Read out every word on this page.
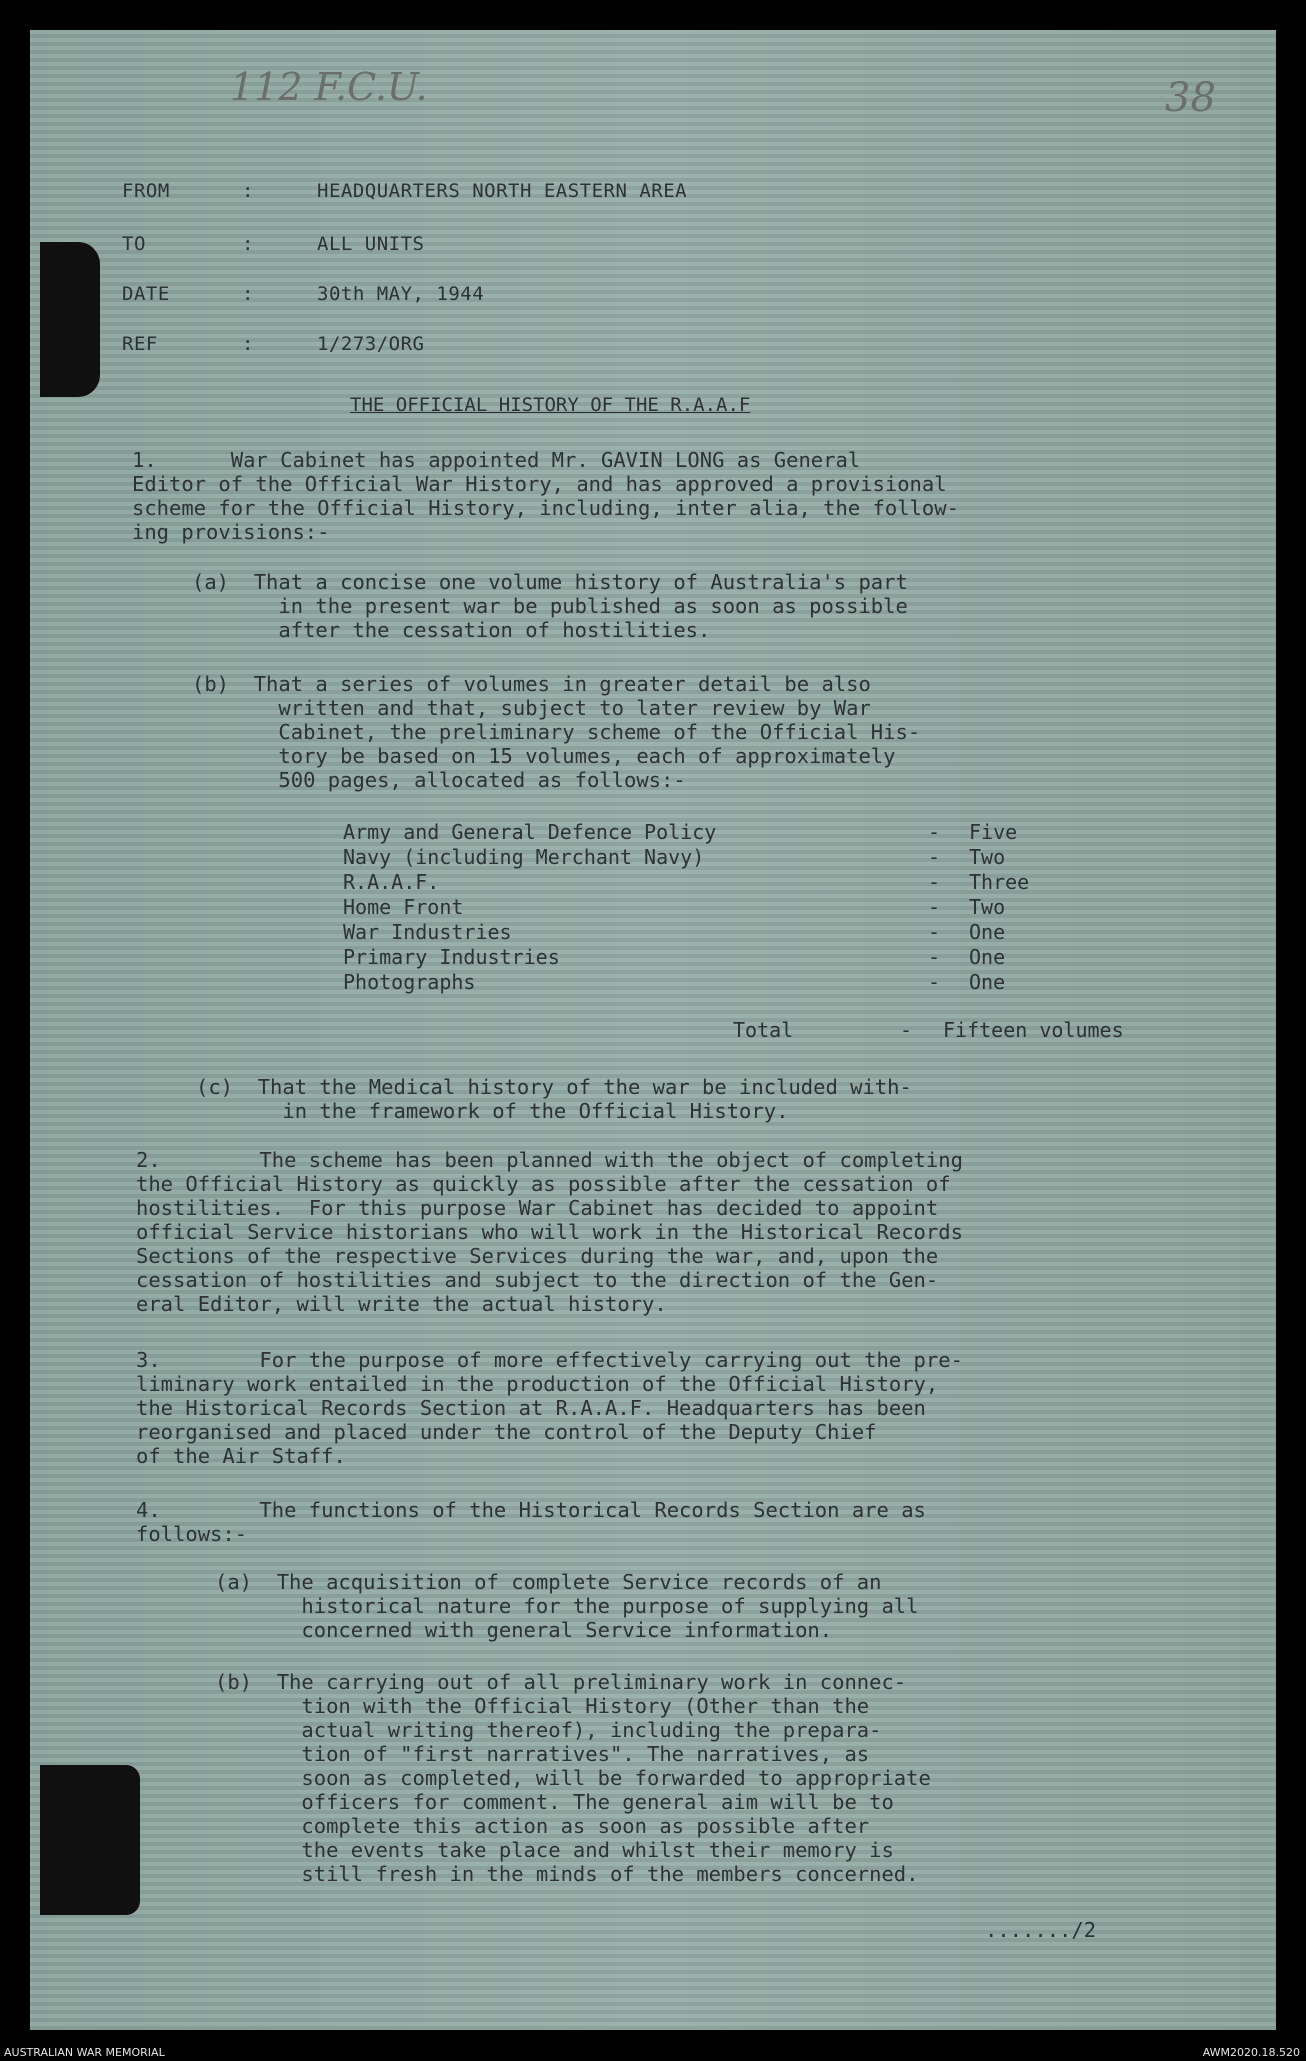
112 F.C.U.	38
FROM	:	HEADQUARTERS NORTH EASTERN AREA
TO	:	ALL UNITS
DATE	:	30th MAY, 1944
REF	:	1/273/ORG
THE OFFICIAL HISTORY OF THE R.A.A.F
1.      War Cabinet has appointed Mr. GAVIN LONG as General
Editor of the Official War History, and has approved a provisional
scheme for the Official History, including, inter alia, the follow-
ing provisions:-
(a)  That a concise one volume history of Australia's part
in the present war be published as soon as possible
after the cessation of hostilities.
(b)  That a series of volumes in greater detail be also
written and that, subject to later review by War
Cabinet, the preliminary scheme of the Official His-
tory be based on 15 volumes, each of approximately
500 pages, allocated as follows:-
Army and General Defence Policy	- Five
Navy (including Merchant Navy)	- Two
R.A.A.F.	- Three
Home Front	- Two
War Industries	- One
Primary Industries	- One
Photographs	- One
Total	- Fifteen volumes
(c)  That the Medical history of the war be included with-
in the framework of the Official History.
2.        The scheme has been planned with the object of completing
the Official History as quickly as possible after the cessation of
hostilities.  For this purpose War Cabinet has decided to appoint
official Service historians who will work in the Historical Records
Sections of the respective Services during the war, and, upon the
cessation of hostilities and subject to the direction of the Gen-
eral Editor, will write the actual history.
3.        For the purpose of more effectively carrying out the pre-
liminary work entailed in the production of the Official History,
the Historical Records Section at R.A.A.F. Headquarters has been
reorganised and placed under the control of the Deputy Chief
of the Air Staff.
4.        The functions of the Historical Records Section are as
follows:-
(a)  The acquisition of complete Service records of an
historical nature for the purpose of supplying all
concerned with general Service information.
(b)  The carrying out of all preliminary work in connec-
tion with the Official History (Other than the
actual writing thereof), including the prepara-
tion of "first narratives". The narratives, as
soon as completed, will be forwarded to appropriate
officers for comment. The general aim will be to
complete this action as soon as possible after
the events take place and whilst their memory is
still fresh in the minds of the members concerned.
......./2
AUSTRALIAN WAR MEMORIAL	AWM2020.18.520
